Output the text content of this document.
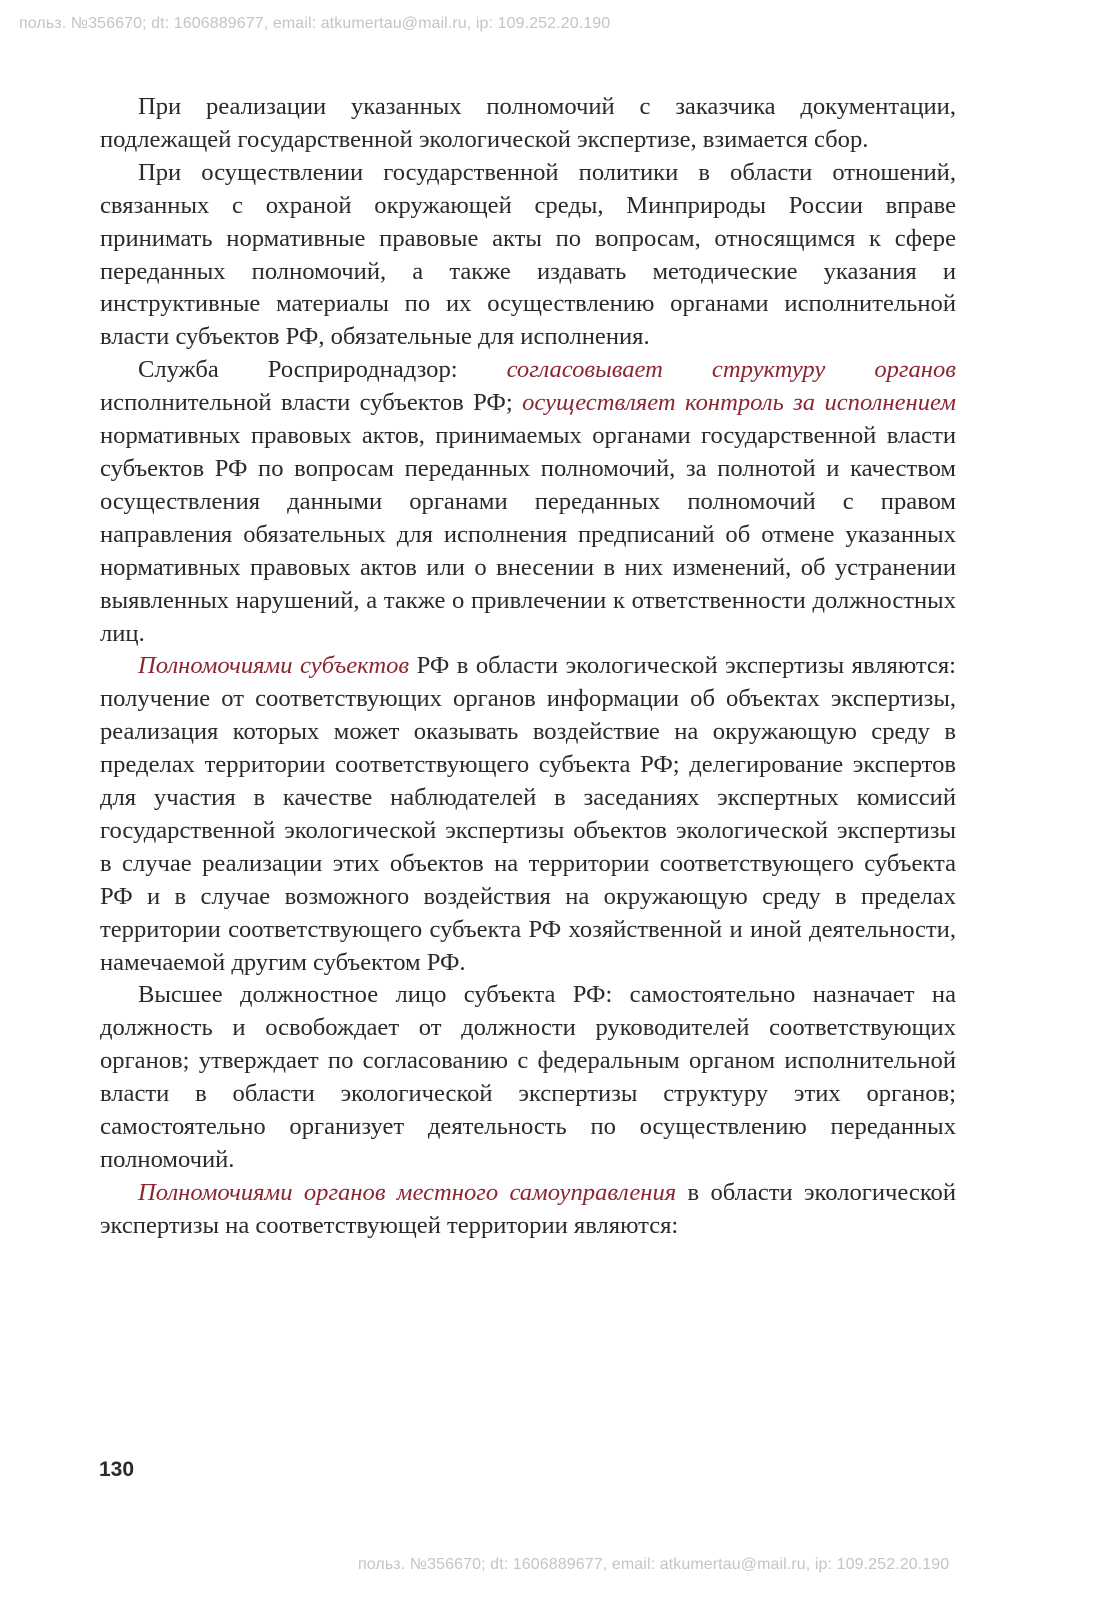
польз. №356670; dt: 1606889677, email: atkumertau@mail.ru, ip: 109.252.20.190

При реализации указанных полномочий с заказчика документации, подлежащей государственной экологической экспертизе, взимается сбор.

При осуществлении государственной политики в области отношений, связанных с охраной окружающей среды, Минприроды России вправе принимать нормативные правовые акты по вопросам, относящимся к сфере переданных полномочий, а также издавать методические указания и инструктивные материалы по их осуществлению органами исполнительной власти субъектов РФ, обязательные для исполнения.

Служба Росприроднадзор: согласовывает структуру органов исполнительной власти субъектов РФ; осуществляет контроль за исполнением нормативных правовых актов, принимаемых органами государственной власти субъектов РФ по вопросам переданных полномочий, за полнотой и качеством осуществления данными органами переданных полномочий с правом направления обязательных для исполнения предписаний об отмене указанных нормативных правовых актов или о внесении в них изменений, об устранении выявленных нарушений, а также о привлечении к ответственности должностных лиц.

Полномочиями субъектов РФ в области экологической экспертизы являются: получение от соответствующих органов информации об объектах экспертизы, реализация которых может оказывать воздействие на окружающую среду в пределах территории соответствующего субъекта РФ; делегирование экспертов для участия в качестве наблюдателей в заседаниях экспертных комиссий государственной экологической экспертизы объектов экологической экспертизы в случае реализации этих объектов на территории соответствующего субъекта РФ и в случае возможного воздействия на окружающую среду в пределах территории соответствующего субъекта РФ хозяйственной и иной деятельности, намечаемой другим субъектом РФ.

Высшее должностное лицо субъекта РФ: самостоятельно назначает на должность и освобождает от должности руководителей соответствующих органов; утверждает по согласованию с федеральным органом исполнительной власти в области экологической экспертизы структуру этих органов; самостоятельно организует деятельность по осуществлению переданных полномочий.

Полномочиями органов местного самоуправления в области экологической экспертизы на соответствующей территории являются:

130
польз. №356670; dt: 1606889677, email: atkumertau@mail.ru, ip: 109.252.20.190
